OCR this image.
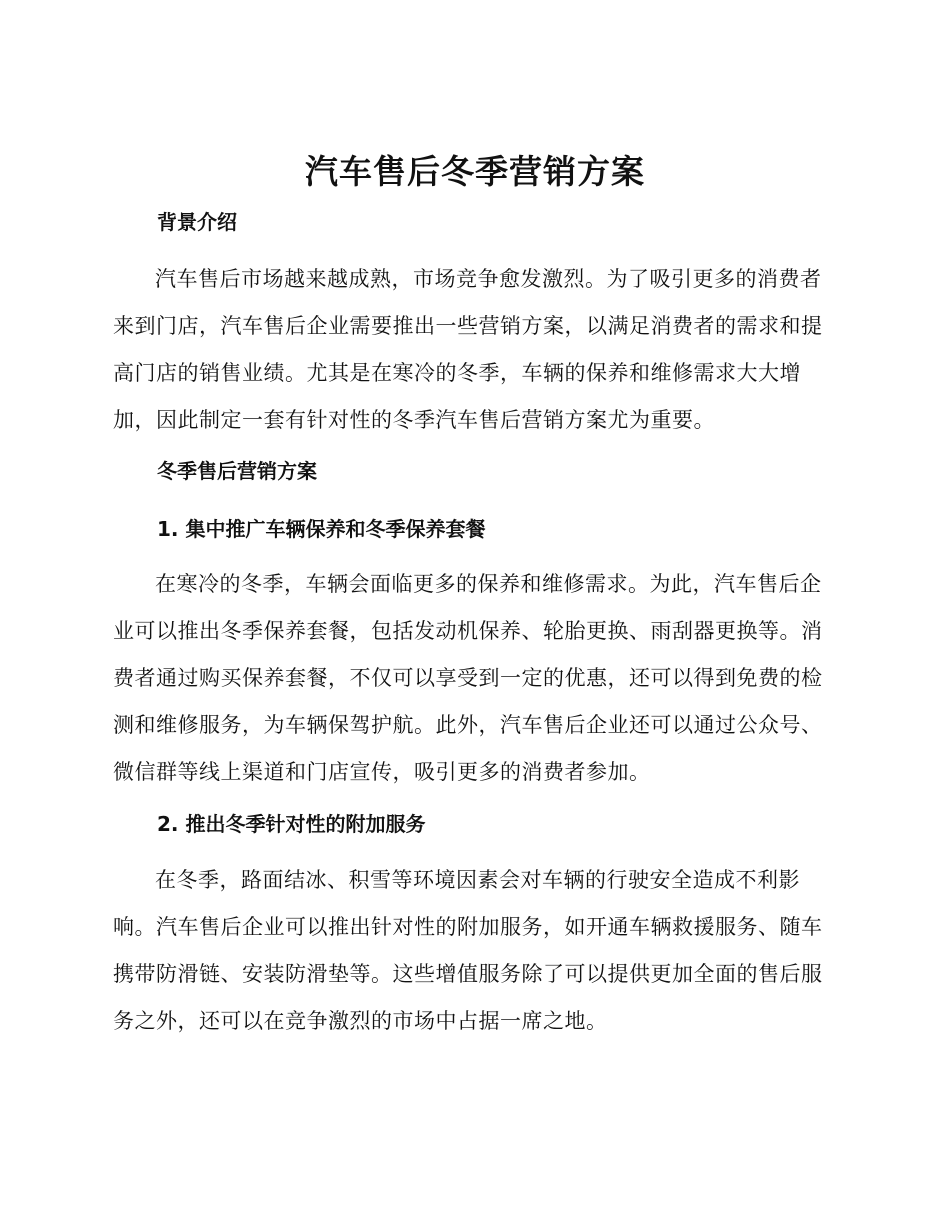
汽车售后冬季营销方案
背景介绍

汽车售后市场越来越成熟，市场竞争愈发激烈。为了吸引更多的消费者来到门店，汽车售后企业需要推出一些营销方案，以满足消费者的需求和提高门店的销售业绩。尤其是在寒冷的冬季，车辆的保养和维修需求大大增加，因此制定一套有针对性的冬季汽车售后营销方案尤为重要。

冬季售后营销方案
1. 集中推广车辆保养和冬季保养套餐

在寒冷的冬季，车辆会面临更多的保养和维修需求。为此，汽车售后企业可以推出冬季保养套餐，包括发动机保养、轮胎更换、雨刮器更换等。消费者通过购买保养套餐，不仅可以享受到一定的优惠，还可以得到免费的检测和维修服务，为车辆保驾护航。此外，汽车售后企业还可以通过公众号、微信群等线上渠道和门店宣传，吸引更多的消费者参加。

2. 推出冬季针对性的附加服务

在冬季，路面结冰、积雪等环境因素会对车辆的行驶安全造成不利影响。汽车售后企业可以推出针对性的附加服务，如开通车辆救援服务、随车携带防滑链、安装防滑垫等。这些增值服务除了可以提供更加全面的售后服务之外，还可以在竞争激烈的市场中占据一席之地。
